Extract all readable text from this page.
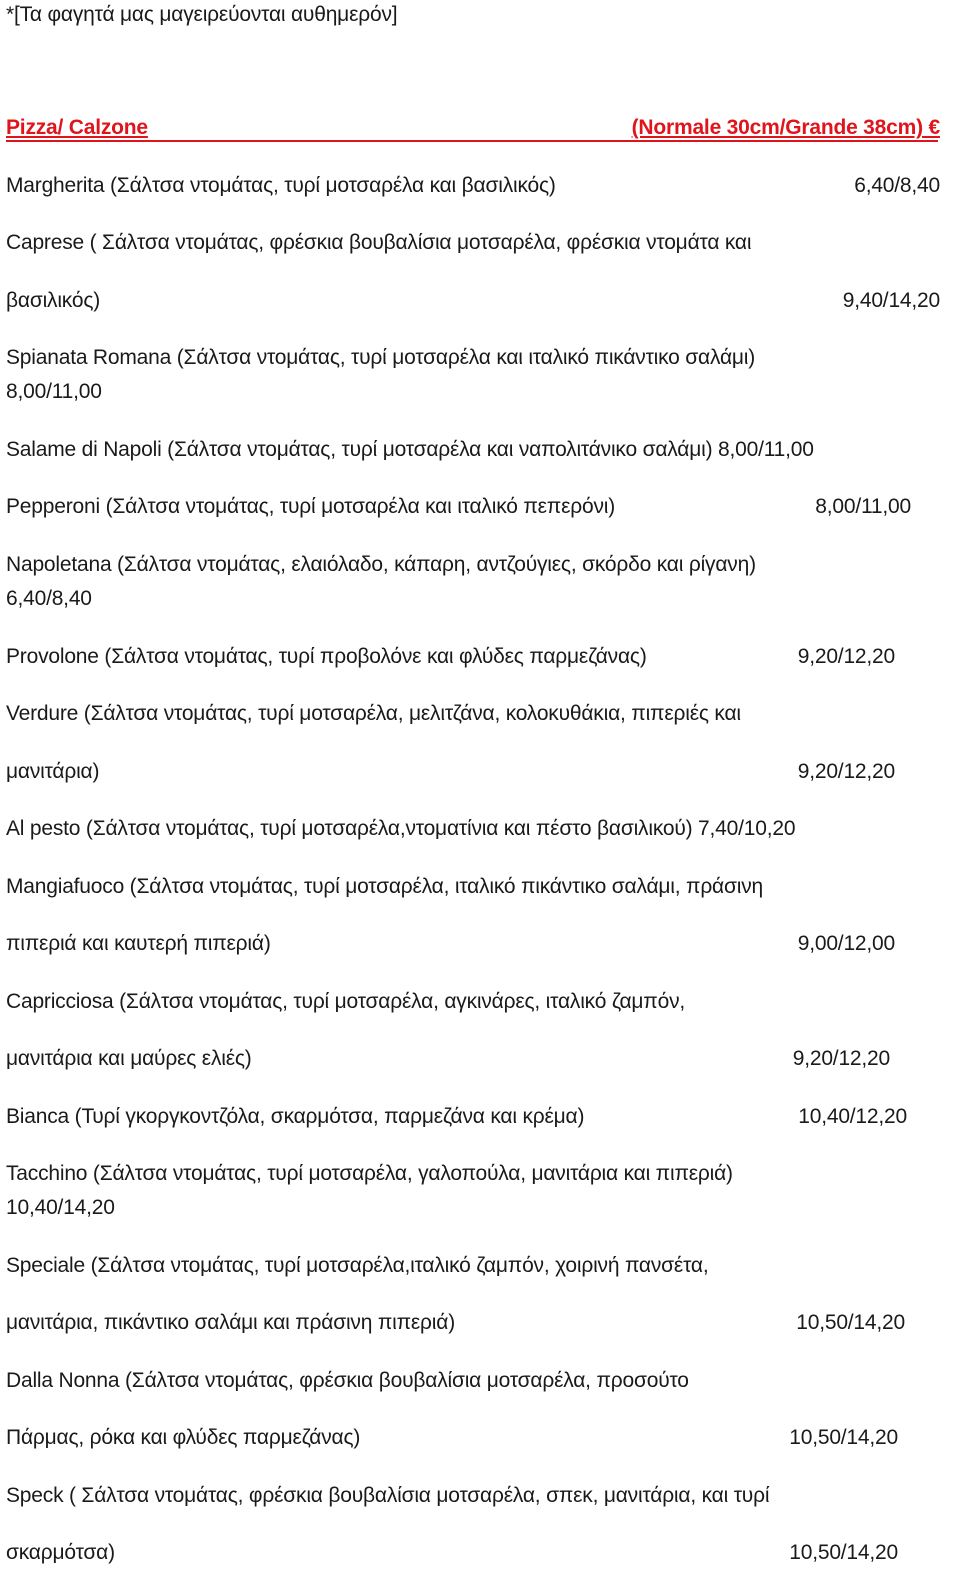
*[Τα φαγητά μας μαγειρεύονται αυθημερόν]
Pizza/ Calzone	(Normale 30cm/Grande 38cm) €
Margherita (Σάλτσα ντομάτας, τυρί μοτσαρέλα και βασιλικός)	6,40/8,40
Caprese ( Σάλτσα ντομάτας, φρέσκια βουβαλίσια μοτσαρέλα, φρέσκια ντομάτα και
βασιλικός)	9,40/14,20
Spianata Romana (Σάλτσα ντομάτας, τυρί μοτσαρέλα και ιταλικό πικάντικο σαλάμι)
8,00/11,00
Salame di Napoli (Σάλτσα ντομάτας, τυρί μοτσαρέλα και ναπολιτάνικο σαλάμι) 8,00/11,00
Pepperoni (Σάλτσα ντομάτας, τυρί μοτσαρέλα και ιταλικό πεπερόνι)	8,00/11,00
Napoletana (Σάλτσα ντομάτας, ελαιόλαδο, κάπαρη, αντζούγιες, σκόρδο και ρίγανη)
6,40/8,40
Provolone (Σάλτσα ντομάτας, τυρί προβολόνε και φλύδες παρμεζάνας)	9,20/12,20
Verdure (Σάλτσα ντομάτας, τυρί μοτσαρέλα, μελιτζάνα, κολοκυθάκια, πιπεριές και
μανιτάρια)	9,20/12,20
Al pesto (Σάλτσα ντομάτας, τυρί μοτσαρέλα,ντοματίνια και πέστο βασιλικού) 7,40/10,20
Mangiafuoco (Σάλτσα ντομάτας, τυρί μοτσαρέλα, ιταλικό πικάντικο σαλάμι, πράσινη
πιπεριά και καυτερή πιπεριά)	9,00/12,00
Capricciosa (Σάλτσα ντομάτας, τυρί μοτσαρέλα, αγκινάρες, ιταλικό ζαμπόν,
μανιτάρια και μαύρες ελιές)	9,20/12,20
Bianca (Τυρί γκοργκοντζόλα, σκαρμότσα, παρμεζάνα και κρέμα)	10,40/12,20
Tacchino (Σάλτσα ντομάτας, τυρί μοτσαρέλα, γαλοπούλα, μανιτάρια και πιπεριά)
10,40/14,20
Speciale (Σάλτσα ντομάτας, τυρί μοτσαρέλα,ιταλικό ζαμπόν, χοιρινή πανσέτα,
μανιτάρια, πικάντικο σαλάμι και πράσινη πιπεριά)	10,50/14,20
Dalla Nonna (Σάλτσα ντομάτας, φρέσκια βουβαλίσια μοτσαρέλα, προσούτο
Πάρμας, ρόκα και φλύδες παρμεζάνας)	10,50/14,20
Speck ( Σάλτσα ντομάτας, φρέσκια βουβαλίσια μοτσαρέλα, σπεκ, μανιτάρια, και τυρί
σκαρμότσα)	10,50/14,20
